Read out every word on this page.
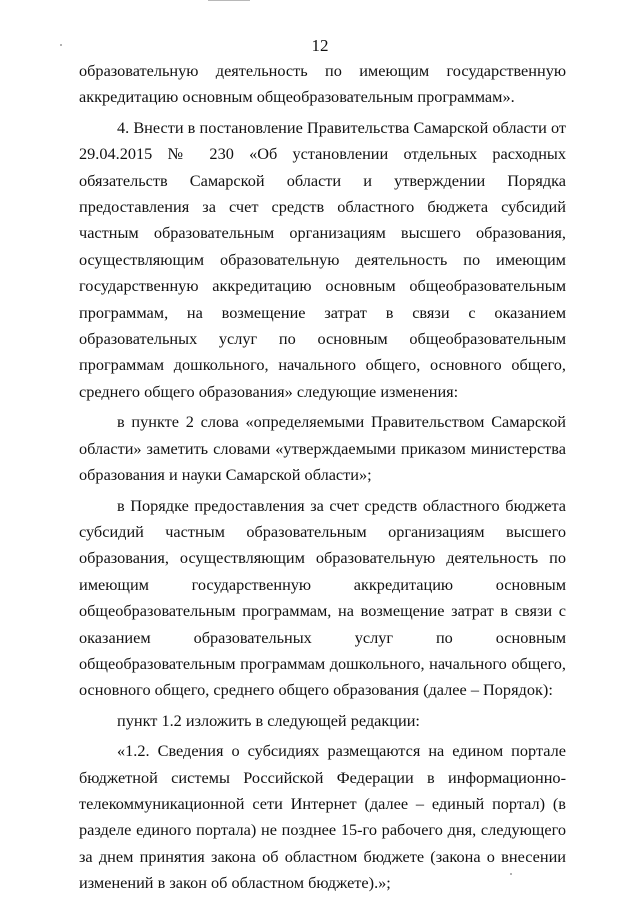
12

образовательную деятельность по имеющим государственную аккредитацию основным общеобразовательным программам».

4. Внести в постановление Правительства Самарской области от 29.04.2015 № 230 «Об установлении отдельных расходных обязательств Самарской области и утверждении Порядка предоставления за счет средств областного бюджета субсидий частным образовательным организациям высшего образования, осуществляющим образовательную деятельность по имеющим государственную аккредитацию основным общеобразовательным программам, на возмещение затрат в связи с оказанием образовательных услуг по основным общеобразовательным программам дошкольного, начального общего, основного общего, среднего общего образования» следующие изменения:

в пункте 2 слова «определяемыми Правительством Самарской области» заметить словами «утверждаемыми приказом министерства образования и науки Самарской области»;

в Порядке предоставления за счет средств областного бюджета субсидий частным образовательным организациям высшего образования, осуществляющим образовательную деятельность по имеющим государственную аккредитацию основным общеобразовательным программам, на возмещение затрат в связи с оказанием образовательных услуг по основным общеобразовательным программам дошкольного, начального общего, основного общего, среднего общего образования (далее – Порядок):

пункт 1.2 изложить в следующей редакции:

«1.2. Сведения о субсидиях размещаются на едином портале бюджетной системы Российской Федерации в информационно-телекоммуникационной сети Интернет (далее – единый портал) (в разделе единого портала) не позднее 15-го рабочего дня, следующего за днем принятия закона об областном бюджете (закона о внесении изменений в закон об областном бюджете).»;
